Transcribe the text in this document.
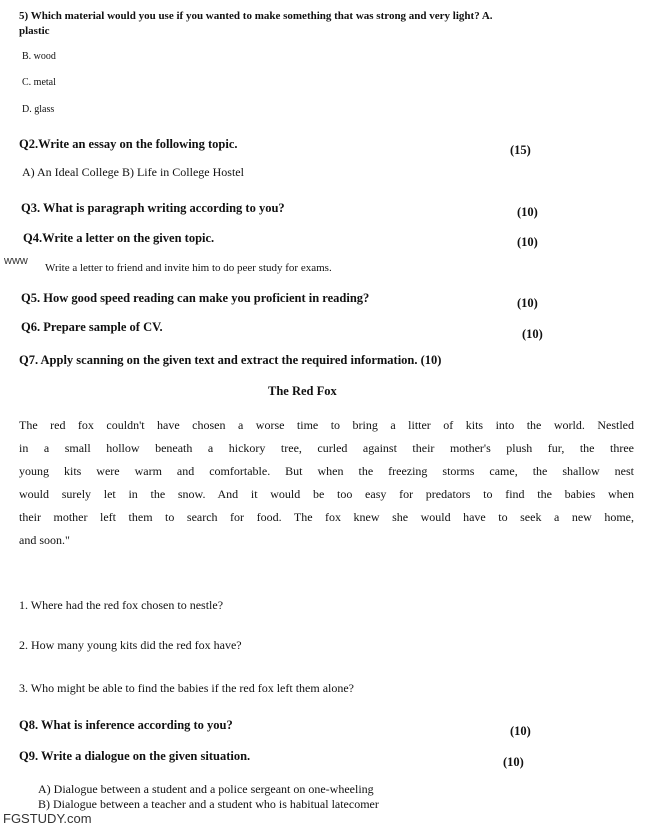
5) Which material would you use if you wanted to make something that was strong and very light? A.
plastic
B. wood
C. metal
D. glass
Q2.Write an essay on the following topic.	(15)
A) An Ideal College B) Life in College Hostel
Q3. What is paragraph writing according to you?	(10)
Q4.Write a letter on the given topic.	(10)
www
Write a letter to friend and invite him to do peer study for exams.
Q5. How good speed reading can make you proficient in reading?	(10)
Q6. Prepare sample of CV.	(10)
Q7. Apply scanning on the given text and extract the required information. (10)
The Red Fox
The red fox couldn't have chosen a worse time to bring a litter of kits into the world. Nestled
in a small hollow beneath a hickory tree, curled against their mother's plush fur, the three
young kits were warm and comfortable. But when the freezing storms came, the shallow nest
would surely let in the snow. And it would be too easy for predators to find the babies when
their mother left them to search for food. The fox knew she would have to seek a new home,
and soon."
1. Where had the red fox chosen to nestle?
2. How many young kits did the red fox have?
3. Who might be able to find the babies if the red fox left them alone?
Q8. What is inference according to you?	(10)
Q9. Write a dialogue on the given situation.	(10)
A) Dialogue between a student and a police sergeant on one-wheeling
B) Dialogue between a teacher and a student who is habitual latecomer
FGSTUDY.com
